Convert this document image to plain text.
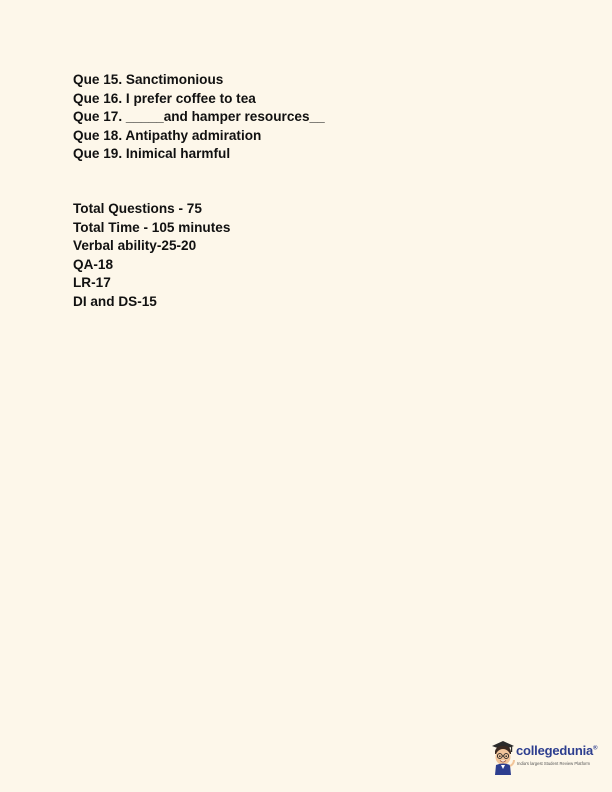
Que 15. Sanctimonious
Que 16. I prefer coffee to tea
Que 17. _____and hamper resources__
Que 18. Antipathy admiration
Que 19. Inimical harmful
Total Questions - 75
Total Time - 105 minutes
Verbal ability-25-20
QA-18
LR-17
DI and DS-15
collegedunia®
India's largest Student Review Platform
